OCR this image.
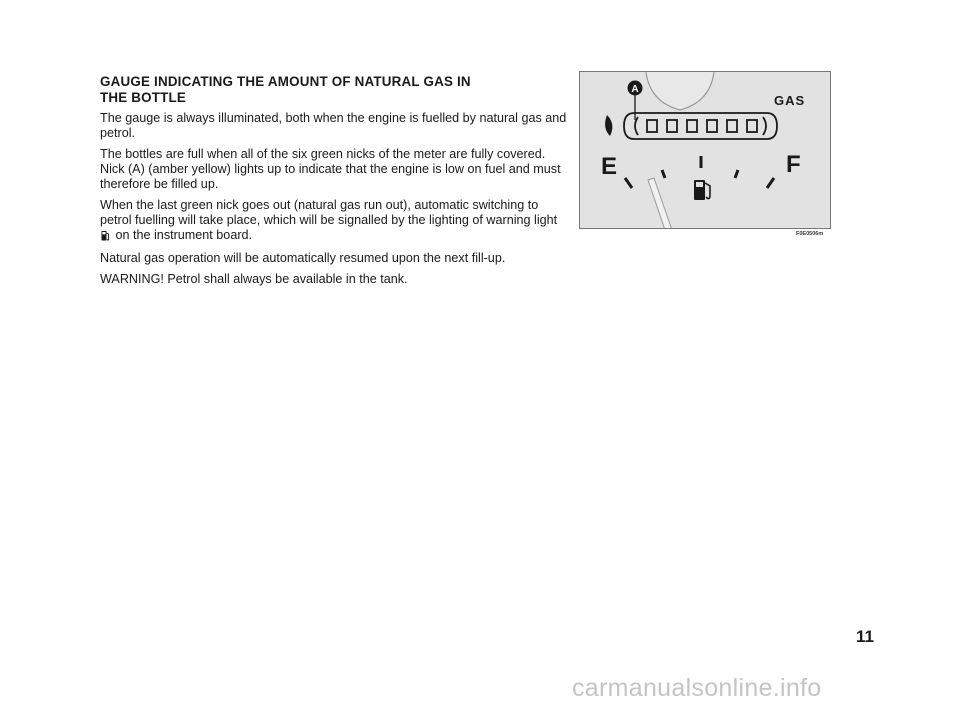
GAUGE INDICATING THE AMOUNT OF NATURAL GAS IN
THE BOTTLE

The gauge is always illuminated, both when the engine is fuelled by natural gas and petrol.

The bottles are full when all of the six green nicks of the meter are fully covered. Nick (A) (amber yellow) lights up to indicate that the engine is low on fuel and must therefore be filled up.

When the last green nick goes out (natural gas run out), automatic switching to petrol fuelling will take place, which will be signalled by the lighting of warning light  on the instrument board.

Natural gas operation will be automatically resumed upon the next fill-up.

WARNING! Petrol shall always be available in the tank.

A
GAS
E	F
F0E0506m
11
carmanualsonline.info
